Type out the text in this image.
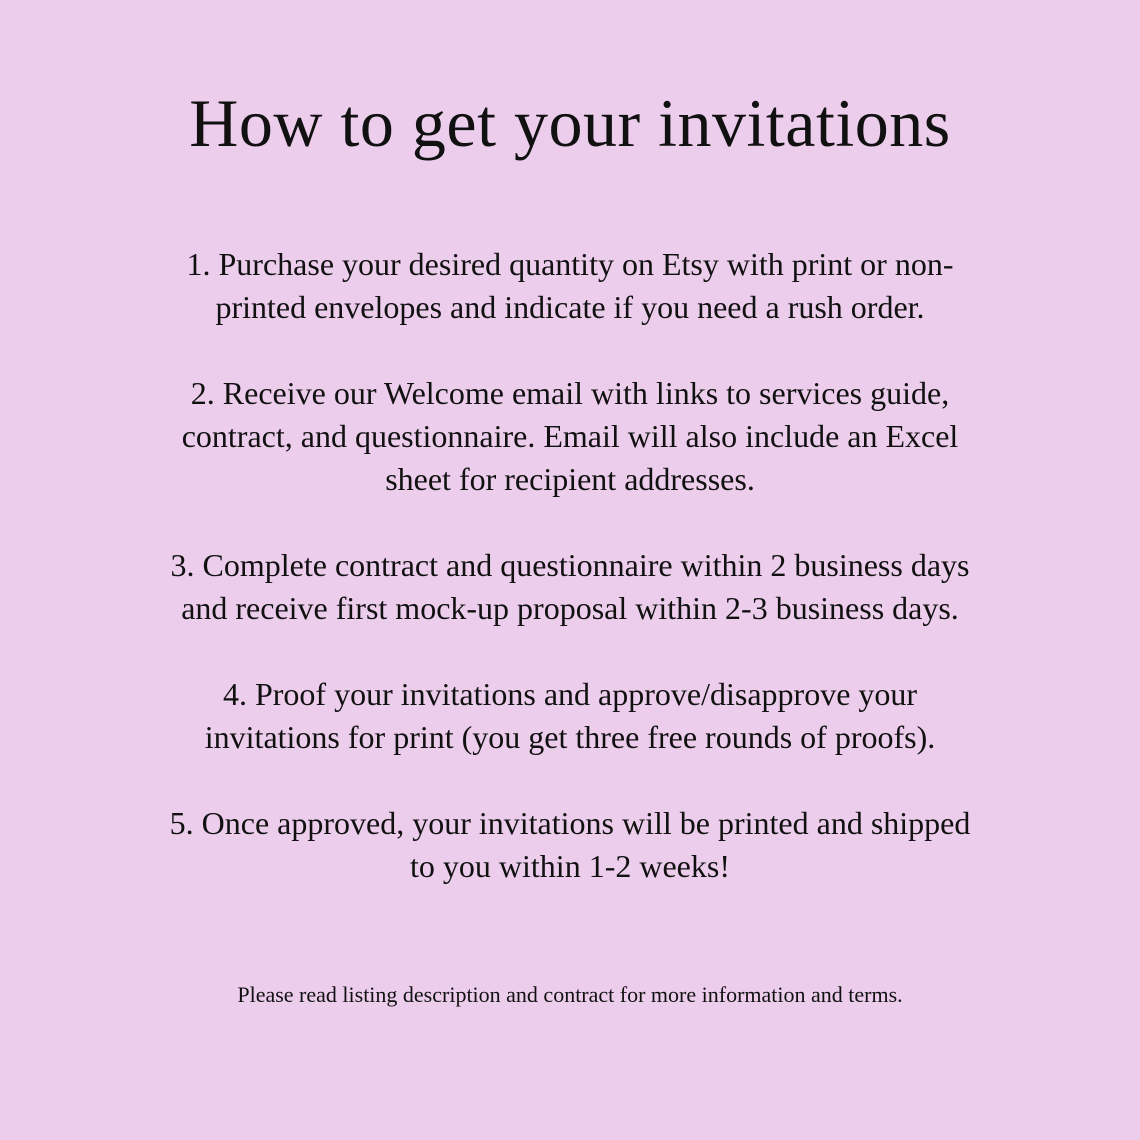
How to get your invitations
1. Purchase your desired quantity on Etsy with print or non-
printed envelopes and indicate if you need a rush order.
2. Receive our Welcome email with links to services guide,
contract, and questionnaire. Email will also include an Excel
sheet for recipient addresses.
3. Complete contract and questionnaire within 2 business days
and receive first mock-up proposal within 2-3 business days.
4. Proof your invitations and approve/disapprove your
invitations for print (you get three free rounds of proofs).
5. Once approved, your invitations will be printed and shipped
to you within 1-2 weeks!

Please read listing description and contract for more information and terms.
